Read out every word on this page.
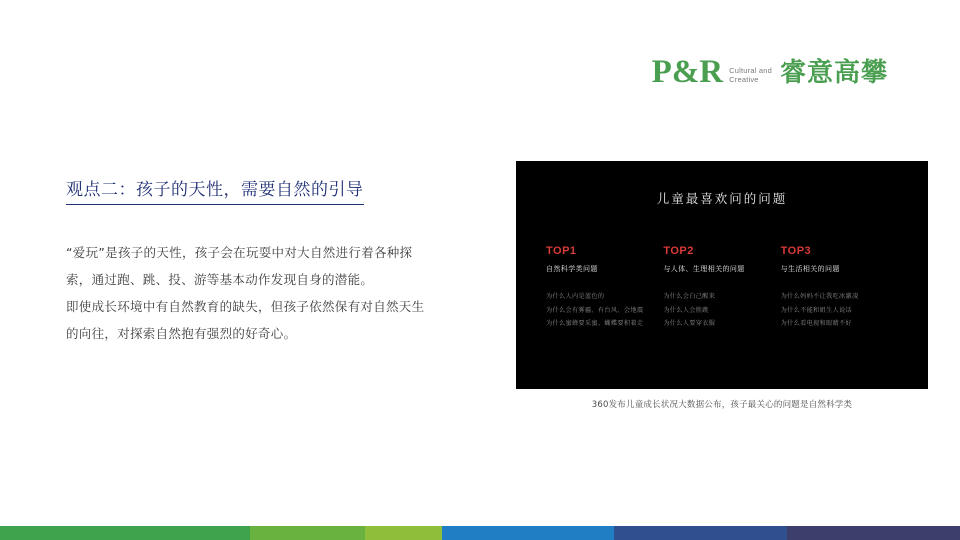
P&R Cultural and
Creative 睿意高攀
观点二：孩子的天性，需要自然的引导

“爱玩”是孩子的天性，孩子会在玩耍中对大自然进行着各种探

索，通过跑、跳、投、游等基本动作发现自身的潜能。

即使成长环境中有自然教育的缺失，但孩子依然保有对自然天生

的向往，对探索自然抱有强烈的好奇心。

儿童最喜欢问的问题
TOP1
自然科学类问题
为什么人内是蓝色的
为什么会有雾霾、有台风、会地震
为什么蜜蜂要采蜜、蝴蝶要积着走
TOP2
与人体、生理相关的问题
为什么会白己醒来
为什么人会胜跳
为什么人要穿衣服
TOP3
与生活相关的问题
为什么妈妈不让我吃冰激凌
为什么不能和姐生人说话
为什么看电视和眼睛不好
360发布儿童成长状况大数据公布，孩子最关心的问题是自然科学类
